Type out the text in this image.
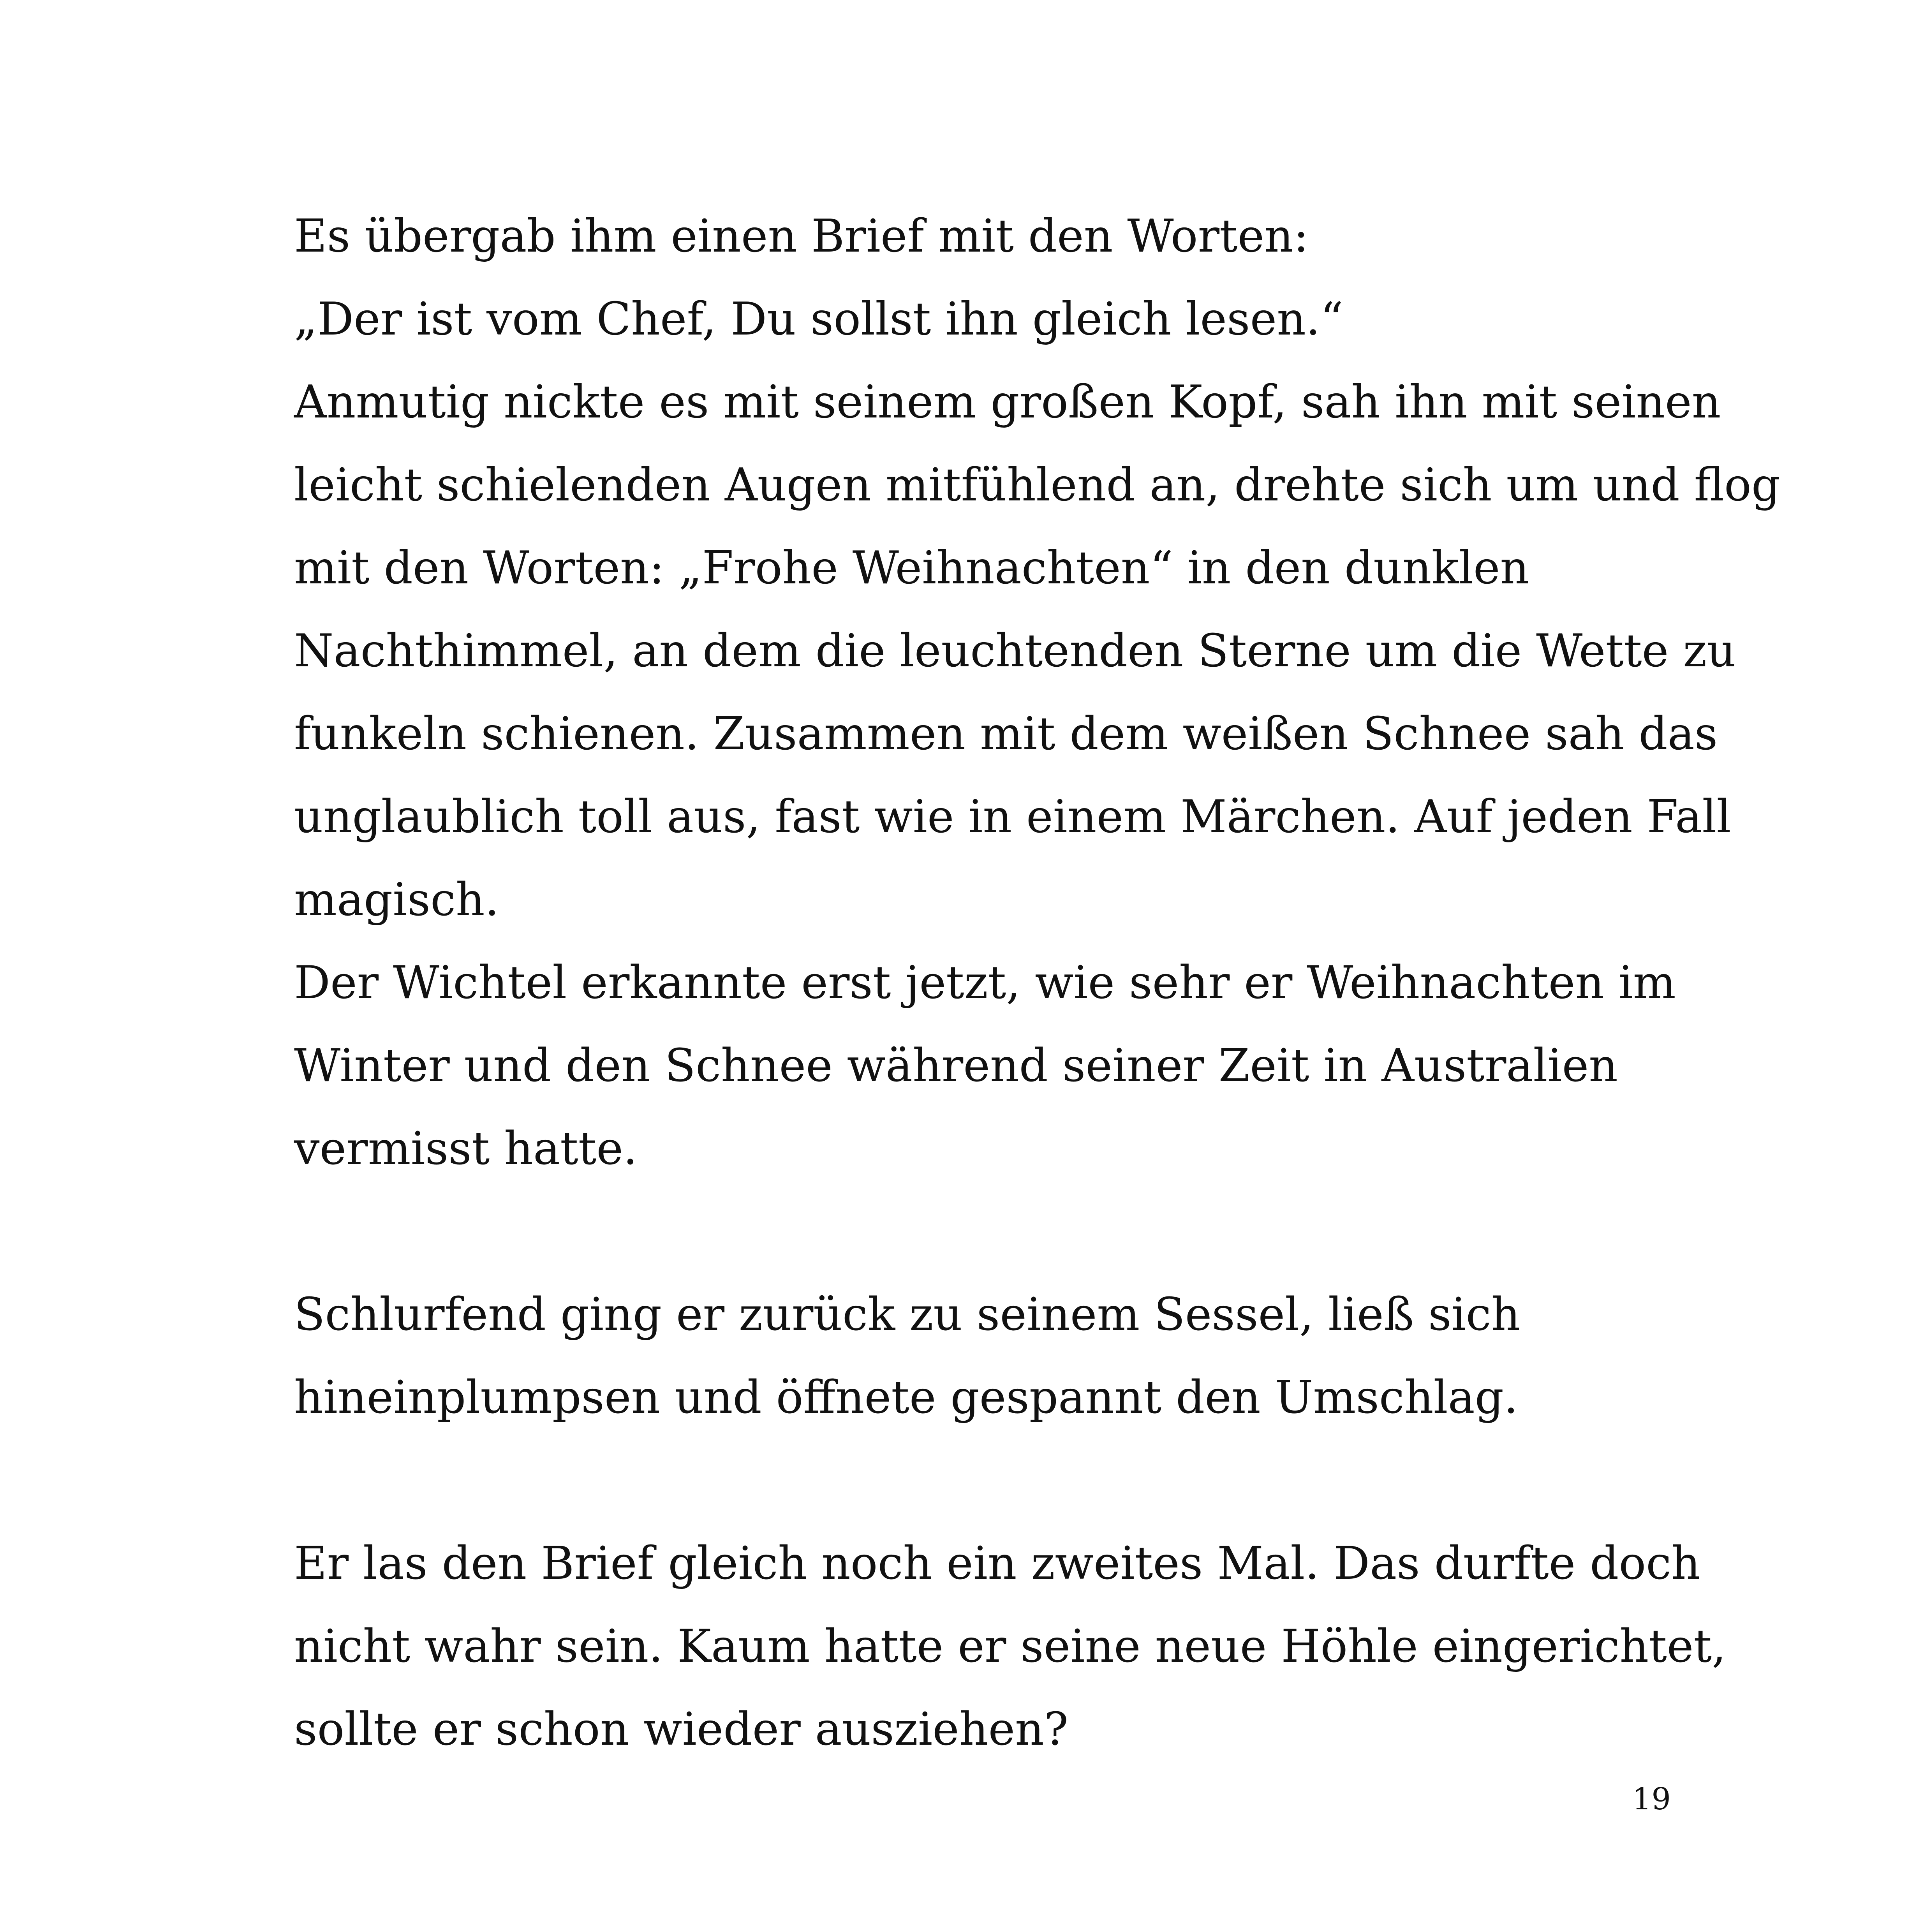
Es übergab ihm einen Brief mit den Worten:
„Der ist vom Chef, Du sollst ihn gleich lesen.“
Anmutig nickte es mit seinem großen Kopf, sah ihn mit seinen
leicht schielenden Augen mitfühlend an, drehte sich um und flog
mit den Worten: „Frohe Weihnachten“ in den dunklen
Nachthimmel, an dem die leuchtenden Sterne um die Wette zu
funkeln schienen. Zusammen mit dem weißen Schnee sah das
unglaublich toll aus, fast wie in einem Märchen. Auf jeden Fall
magisch.
Der Wichtel erkannte erst jetzt, wie sehr er Weihnachten im
Winter und den Schnee während seiner Zeit in Australien
vermisst hatte.
Schlurfend ging er zurück zu seinem Sessel, ließ sich
hineinplumpsen und öffnete gespannt den Umschlag.
Er las den Brief gleich noch ein zweites Mal. Das durfte doch
nicht wahr sein. Kaum hatte er seine neue Höhle eingerichtet,
sollte er schon wieder ausziehen?
19
